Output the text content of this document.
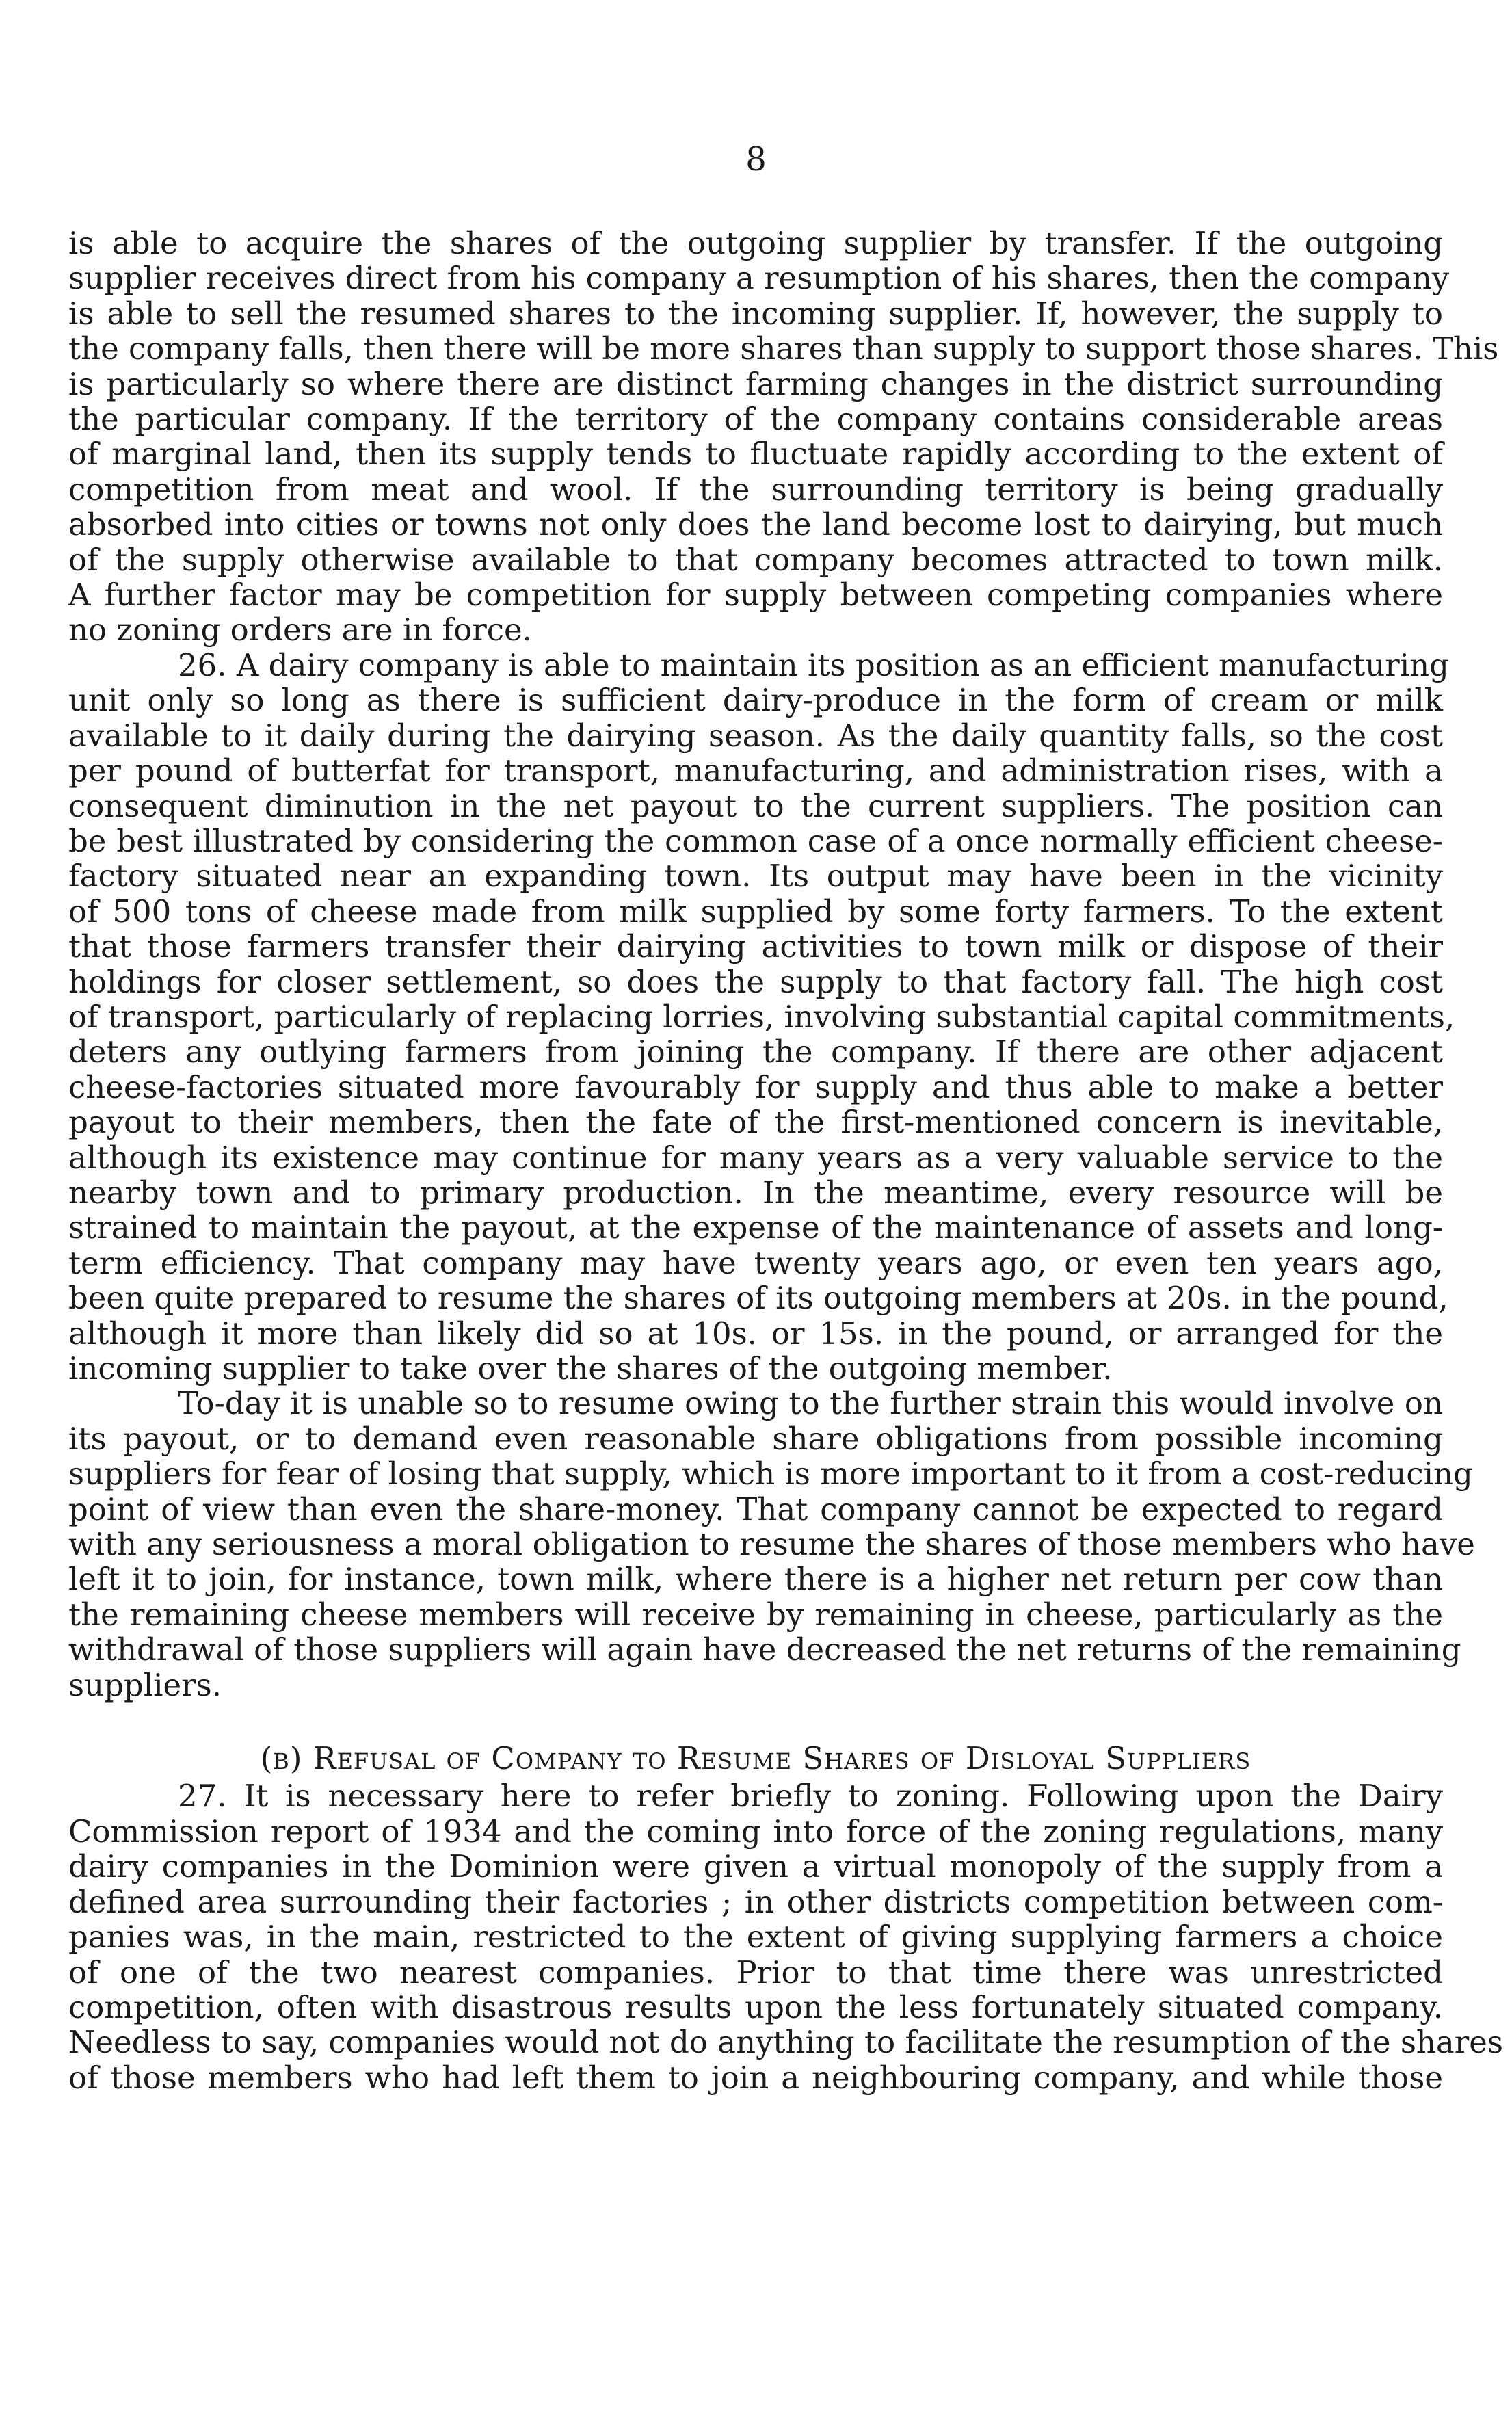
8
is able to acquire the shares of the outgoing supplier by transfer. If the outgoing
supplier receives direct from his company a resumption of his shares, then the company
is able to sell the resumed shares to the incoming supplier. If, however, the supply to
the company falls, then there will be more shares than supply to support those shares. This
is particularly so where there are distinct farming changes in the district surrounding
the particular company. If the territory of the company contains considerable areas
of marginal land, then its supply tends to fluctuate rapidly according to the extent of
competition from meat and wool. If the surrounding territory is being gradually
absorbed into cities or towns not only does the land become lost to dairying, but much
of the supply otherwise available to that company becomes attracted to town milk.
A further factor may be competition for supply between competing companies where
no zoning orders are in force.
26. A dairy company is able to maintain its position as an efficient manufacturing
unit only so long as there is sufficient dairy-produce in the form of cream or milk
available to it daily during the dairying season. As the daily quantity falls, so the cost
per pound of butterfat for transport, manufacturing, and administration rises, with a
consequent diminution in the net payout to the current suppliers. The position can
be best illustrated by considering the common case of a once normally efficient cheese-
factory situated near an expanding town. Its output may have been in the vicinity
of 500 tons of cheese made from milk supplied by some forty farmers. To the extent
that those farmers transfer their dairying activities to town milk or dispose of their
holdings for closer settlement, so does the supply to that factory fall. The high cost
of transport, particularly of replacing lorries, involving substantial capital commitments,
deters any outlying farmers from joining the company. If there are other adjacent
cheese-factories situated more favourably for supply and thus able to make a better
payout to their members, then the fate of the first-mentioned concern is inevitable,
although its existence may continue for many years as a very valuable service to the
nearby town and to primary production. In the meantime, every resource will be
strained to maintain the payout, at the expense of the maintenance of assets and long-
term efficiency. That company may have twenty years ago, or even ten years ago,
been quite prepared to resume the shares of its outgoing members at 20s. in the pound,
although it more than likely did so at 10s. or 15s. in the pound, or arranged for the
incoming supplier to take over the shares of the outgoing member.
To-day it is unable so to resume owing to the further strain this would involve on
its payout, or to demand even reasonable share obligations from possible incoming
suppliers for fear of losing that supply, which is more important to it from a cost-reducing
point of view than even the share-money. That company cannot be expected to regard
with any seriousness a moral obligation to resume the shares of those members who have
left it to join, for instance, town milk, where there is a higher net return per cow than
the remaining cheese members will receive by remaining in cheese, particularly as the
withdrawal of those suppliers will again have decreased the net returns of the remaining
suppliers.
(b) Refusal of Company to Resume Shares of Disloyal Suppliers
27. It is necessary here to refer briefly to zoning. Following upon the Dairy
Commission report of 1934 and the coming into force of the zoning regulations, many
dairy companies in the Dominion were given a virtual monopoly of the supply from a
defined area surrounding their factories ; in other districts competition between com-
panies was, in the main, restricted to the extent of giving supplying farmers a choice
of one of the two nearest companies. Prior to that time there was unrestricted
competition, often with disastrous results upon the less fortunately situated company.
Needless to say, companies would not do anything to facilitate the resumption of the shares
of those members who had left them to join a neighbouring company, and while those
